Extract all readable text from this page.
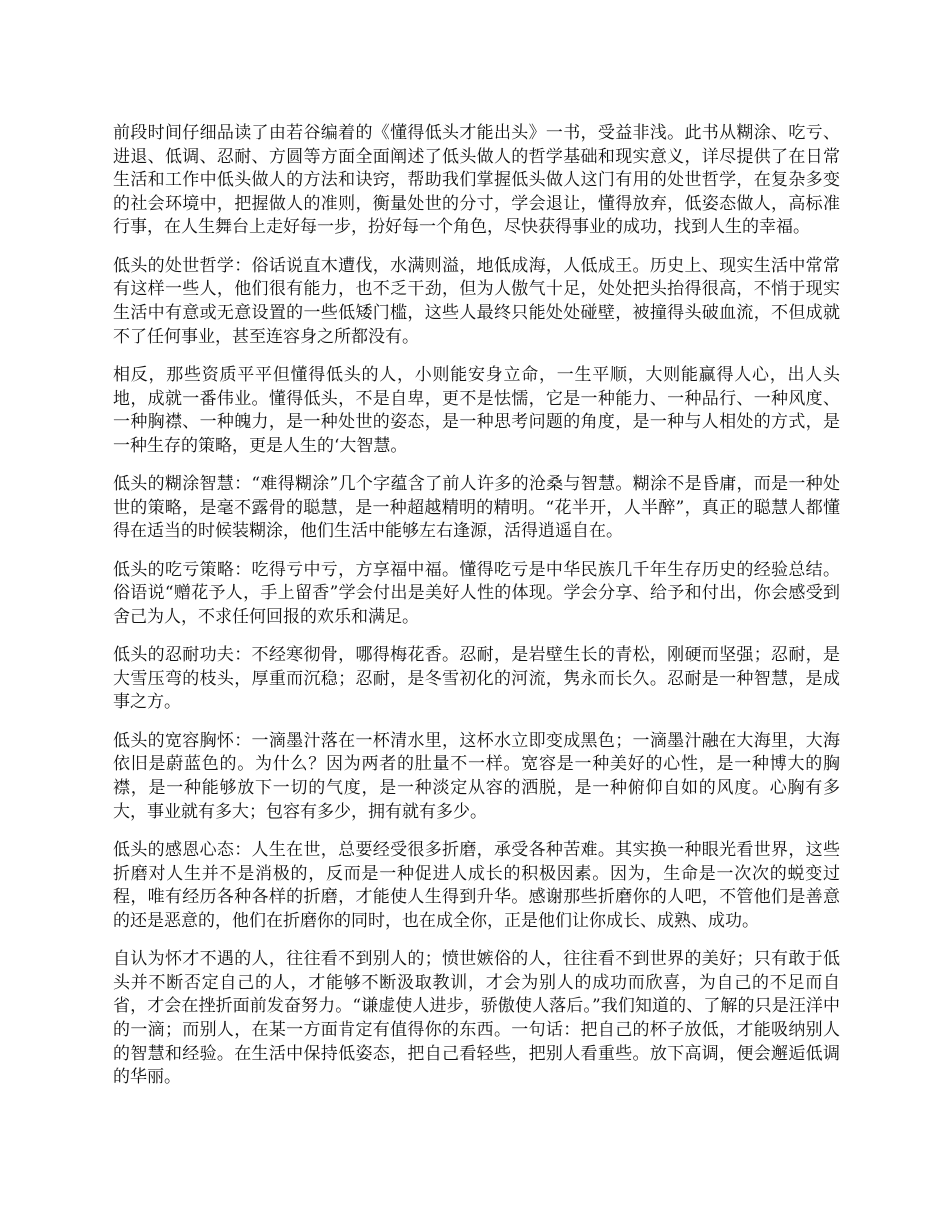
前段时间仔细品读了由若谷编着的《懂得低头才能出头》一书，受益非浅。此书从糊涂、吃亏、进退、低调、忍耐、方圆等方面全面阐述了低头做人的哲学基础和现实意义，详尽提供了在日常生活和工作中低头做人的方法和诀窍，帮助我们掌握低头做人这门有用的处世哲学，在复杂多变的社会环境中，把握做人的准则，衡量处世的分寸，学会退让，懂得放弃，低姿态做人，高标准行事，在人生舞台上走好每一步，扮好每一个角色，尽快获得事业的成功，找到人生的幸福。

低头的处世哲学：俗话说直木遭伐，水满则溢，地低成海，人低成王。历史上、现实生活中常常有这样一些人，他们很有能力，也不乏干劲，但为人傲气十足，处处把头抬得很高，不悄于现实生活中有意或无意设置的一些低矮门槛，这些人最终只能处处碰壁，被撞得头破血流，不但成就不了任何事业，甚至连容身之所都没有。

相反，那些资质平平但懂得低头的人，小则能安身立命，一生平顺，大则能赢得人心，出人头地，成就一番伟业。懂得低头，不是自卑，更不是怯懦，它是一种能力、一种品行、一种风度、一种胸襟、一种魄力，是一种处世的姿态，是一种思考问题的角度，是一种与人相处的方式，是一种生存的策略，更是人生的‘大智慧。

低头的糊涂智慧：“难得糊涂”几个字蕴含了前人许多的沧桑与智慧。糊涂不是昏庸，而是一种处世的策略，是毫不露骨的聪慧，是一种超越精明的精明。“花半开，人半醉”，真正的聪慧人都懂得在适当的时候装糊涂，他们生活中能够左右逢源，活得逍遥自在。

低头的吃亏策略：吃得亏中亏，方享福中福。懂得吃亏是中华民族几千年生存历史的经验总结。俗语说“赠花予人，手上留香”学会付出是美好人性的体现。学会分享、给予和付出，你会感受到舍己为人，不求任何回报的欢乐和满足。

低头的忍耐功夫：不经寒彻骨，哪得梅花香。忍耐，是岩壁生长的青松，刚硬而坚强；忍耐，是大雪压弯的枝头，厚重而沉稳；忍耐，是冬雪初化的河流，隽永而长久。忍耐是一种智慧，是成事之方。

低头的宽容胸怀：一滴墨汁落在一杯清水里，这杯水立即变成黑色；一滴墨汁融在大海里，大海依旧是蔚蓝色的。为什么？因为两者的肚量不一样。宽容是一种美好的心性，是一种博大的胸襟，是一种能够放下一切的气度，是一种淡定从容的洒脱，是一种俯仰自如的风度。心胸有多大，事业就有多大；包容有多少，拥有就有多少。

低头的感恩心态：人生在世，总要经受很多折磨，承受各种苦难。其实换一种眼光看世界，这些折磨对人生并不是消极的，反而是一种促进人成长的积极因素。因为，生命是一次次的蜕变过程，唯有经历各种各样的折磨，才能使人生得到升华。感谢那些折磨你的人吧，不管他们是善意的还是恶意的，他们在折磨你的同时，也在成全你，正是他们让你成长、成熟、成功。

自认为怀才不遇的人，往往看不到别人的；愤世嫉俗的人，往往看不到世界的美好；只有敢于低头并不断否定自己的人，才能够不断汲取教训，才会为别人的成功而欣喜，为自己的不足而自省，才会在挫折面前发奋努力。“谦虚使人进步，骄傲使人落后。”我们知道的、了解的只是汪洋中的一滴；而别人，在某一方面肯定有值得你的东西。一句话：把自己的杯子放低，才能吸纳别人的智慧和经验。在生活中保持低姿态，把自己看轻些，把别人看重些。放下高调，便会邂逅低调的华丽。
